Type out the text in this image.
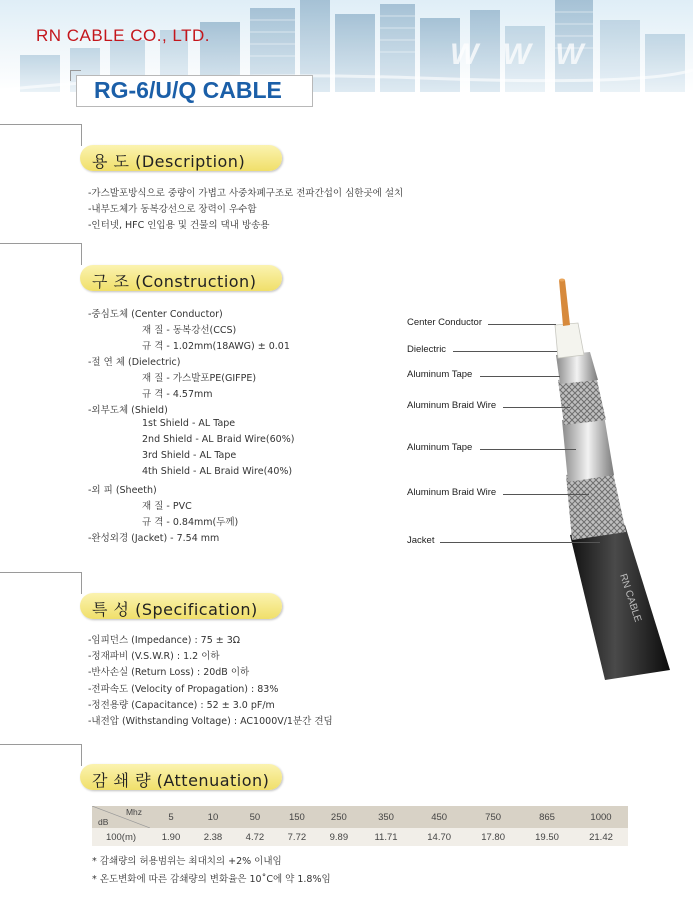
RN CABLE CO., LTD.
W W W
RG-6/U/Q CABLE
용 도 (Description)
-가스발포방식으로 중량이 가볍고 사중차폐구조로 전파간섭이 심한곳에 설치
-내부도체가 동복강선으로 장력이 우수함
-인터넷, HFC 인입용 및 건물의 댁내 방송용
구 조 (Construction)
-중심도체 (Center Conductor)
재 질 - 동복강선(CCS)
규 격 - 1.02mm(18AWG) ± 0.01
-절 연 체 (Dielectric)
재 질 - 가스발포PE(GIFPE)
규 격 - 4.57mm
-외부도체 (Shield)
1st Shield - AL Tape
2nd Shield - AL Braid Wire(60%)
3rd Shield - AL Tape
4th Shield - AL Braid Wire(40%)
-외 피 (Sheeth)
재 질 - PVC
규 격 - 0.84mm(두께)
-완성외경 (Jacket) - 7.54 mm
RN CABLE
Center Conductor
Dielectric
Aluminum Tape
Aluminum Braid Wire
Aluminum Tape
Aluminum Braid Wire
Jacket
특 성 (Specification)
-임피던스 (Impedance) : 75 ± 3Ω
-정재파비 (V.S.W.R) : 1.2 이하
-반사손실 (Return Loss) : 20dB 이하
-전파속도 (Velocity of Propagation) : 83%
-정전용량 (Capacitance) : 52 ± 3.0 pF/m
-내전압 (Withstanding Voltage) : AC1000V/1분간 견딤
감 쇄 량 (Attenuation)
Mhz
dB	5	10	50	150	250	350	450	750	865	1000
100(m)	1.90	2.38	4.72	7.72	9.89	11.71	14.70	17.80	19.50	21.42
* 감쇄량의 허용범위는 최대치의 +2% 이내임
* 온도변화에 따른 감쇄량의 변화율은 10˚C에 약 1.8%임
